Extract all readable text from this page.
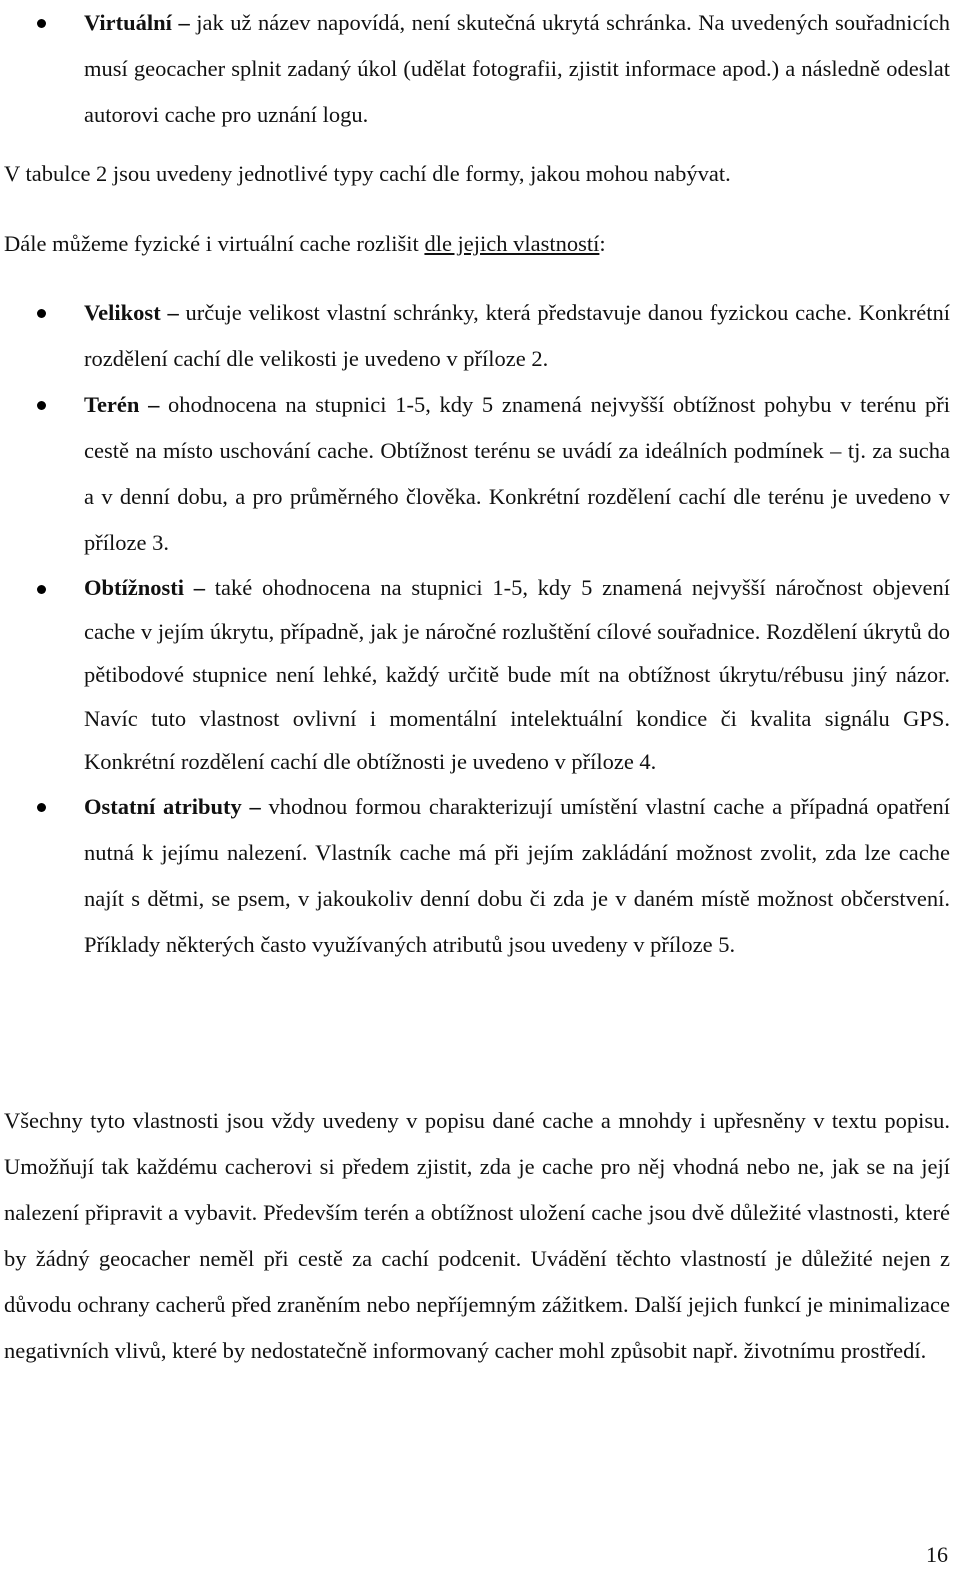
Virtuální – jak už název napovídá, není skutečná ukrytá schránka. Na uvedených souřadnicích musí geocacher splnit zadaný úkol (udělat fotografii, zjistit informace apod.) a následně odeslat autorovi cache pro uznání logu.

V tabulce 2 jsou uvedeny jednotlivé typy cachí dle formy, jakou mohou nabývat.

Dále můžeme fyzické i virtuální cache rozlišit dle jejich vlastností:

Velikost – určuje velikost vlastní schránky, která představuje danou fyzickou cache. Konkrétní rozdělení cachí dle velikosti je uvedeno v příloze 2.
Terén – ohodnocena na stupnici 1-5, kdy 5 znamená nejvyšší obtížnost pohybu v terénu při cestě na místo uschování cache. Obtížnost terénu se uvádí za ideálních podmínek – tj. za sucha a v denní dobu, a pro průměrného člověka. Konkrétní rozdělení cachí dle terénu je uvedeno v příloze 3.
Obtížnosti – také ohodnocena na stupnici 1-5, kdy 5 znamená nejvyšší náročnost objevení cache v jejím úkrytu, případně, jak je náročné rozluštění cílové souřadnice. Rozdělení úkrytů do pětibodové stupnice není lehké, každý určitě bude mít na obtížnost úkrytu/rébusu jiný názor. Navíc tuto vlastnost ovlivní i momentální intelektuální kondice či kvalita signálu GPS. Konkrétní rozdělení cachí dle obtížnosti je uvedeno v příloze 4.
Ostatní atributy – vhodnou formou charakterizují umístění vlastní cache a případná opatření nutná k jejímu nalezení. Vlastník cache má při jejím zakládání možnost zvolit, zda lze cache najít s dětmi, se psem, v jakoukoliv denní dobu či zda je v daném místě možnost občerstvení. Příklady některých často využívaných atributů jsou uvedeny v příloze 5.

Všechny tyto vlastnosti jsou vždy uvedeny v popisu dané cache a mnohdy i upřesněny v textu popisu. Umožňují tak každému cacherovi si předem zjistit, zda je cache pro něj vhodná nebo ne, jak se na její nalezení připravit a vybavit. Především terén a obtížnost uložení cache jsou dvě důležité vlastnosti, které by žádný geocacher neměl při cestě za cachí podcenit. Uvádění těchto vlastností je důležité nejen z důvodu ochrany cacherů před zraněním nebo nepříjemným zážitkem. Další jejich funkcí je minimalizace negativních vlivů, které by nedostatečně informovaný cacher mohl způsobit např. životnímu prostředí.

16
